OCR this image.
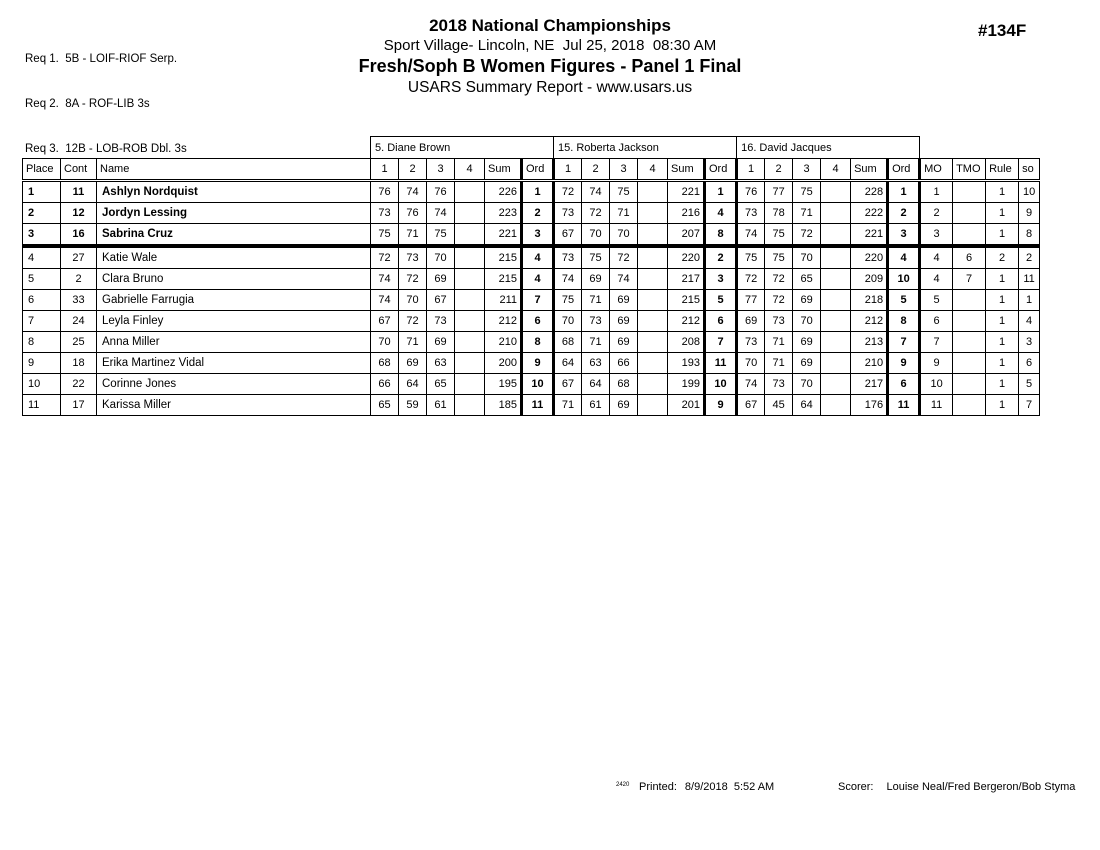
Req 1.  5B - LOIF-RIOF Serp.

Req 2.  8A - ROF-LIB 3s

Req 3.  12B - LOB-ROB Dbl. 3s

2018 National Championships
Sport Village- Lincoln, NE  Jul 25, 2018  08:30 AM
Fresh/Soph B Women Figures - Panel 1 Final
USARS Summary Report - www.usars.us
#134F
			5. Diane Brown						15. Roberta Jackson						16. David Jacques									
Place	Cont	Name	1	2	3	4	Sum	Ord	1	2	3	4	Sum	Ord	1	2	3	4	Sum	Ord	MO	TMO	Rule	so
1	11	Ashlyn Nordquist	76	74	76		226	1	72	74	75		221	1	76	77	75		228	1	1		1	10
2	12	Jordyn Lessing	73	76	74		223	2	73	72	71		216	4	73	78	71		222	2	2		1	9
3	16	Sabrina Cruz	75	71	75		221	3	67	70	70		207	8	74	75	72		221	3	3		1	8
4	27	Katie Wale	72	73	70		215	4	73	75	72		220	2	75	75	70		220	4	4	6	2	2
5	2	Clara Bruno	74	72	69		215	4	74	69	74		217	3	72	72	65		209	10	4	7	1	11
6	33	Gabrielle Farrugia	74	70	67		211	7	75	71	69		215	5	77	72	69		218	5	5		1	1
7	24	Leyla Finley	67	72	73		212	6	70	73	69		212	6	69	73	70		212	8	6		1	4
8	25	Anna Miller	70	71	69		210	8	68	71	69		208	7	73	71	69		213	7	7		1	3
9	18	Erika Martinez Vidal	68	69	63		200	9	64	63	66		193	11	70	71	69		210	9	9		1	6
10	22	Corinne Jones	66	64	65		195	10	67	64	68		199	10	74	73	70		217	6	10		1	5
11	17	Karissa Miller	65	59	61		185	11	71	61	69		201	9	67	45	64		176	11	11		1	7
2420 Printed: 8/9/2018  5:52 AM	Scorer: Louise Neal/Fred Bergeron/Bob Styma
